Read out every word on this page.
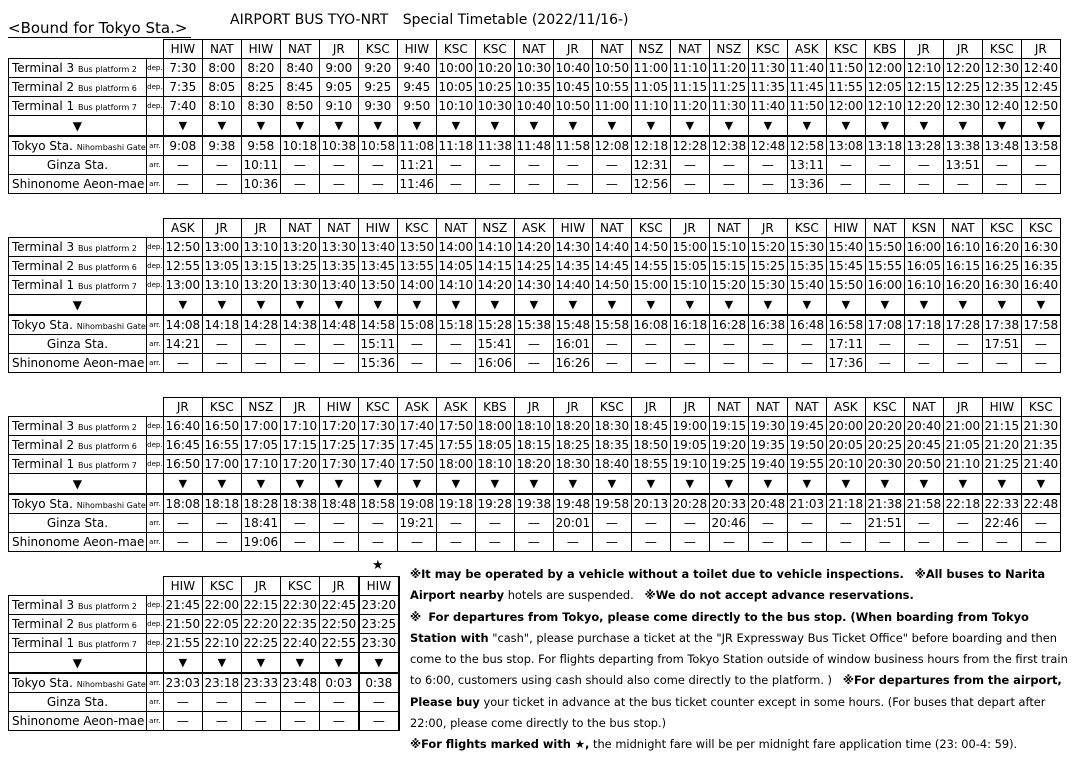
<Bound for Tokyo Sta.>	AIRPORT BUS TYO-NRT Special Timetable (2022/11/16-)
		HIW	NAT	HIW	NAT	JR	KSC	HIW	KSC	KSC	NAT	JR	NAT	NSZ	NAT	NSZ	KSC	ASK	KSC	KBS	JR	JR	KSC	JR
Terminal 3 Bus platform 2	dep.	7:30	8:00	8:20	8:40	9:00	9:20	9:40	10:00	10:20	10:30	10:40	10:50	11:00	11:10	11:20	11:30	11:40	11:50	12:00	12:10	12:20	12:30	12:40
Terminal 2 Bus platform 6	dep.	7:35	8:05	8:25	8:45	9:05	9:25	9:45	10:05	10:25	10:35	10:45	10:55	11:05	11:15	11:25	11:35	11:45	11:55	12:05	12:15	12:25	12:35	12:45
Terminal 1 Bus platform 7	dep.	7:40	8:10	8:30	8:50	9:10	9:30	9:50	10:10	10:30	10:40	10:50	11:00	11:10	11:20	11:30	11:40	11:50	12:00	12:10	12:20	12:30	12:40	12:50
▼		▼	▼	▼	▼	▼	▼	▼	▼	▼	▼	▼	▼	▼	▼	▼	▼	▼	▼	▼	▼	▼	▼	▼
Tokyo Sta. Nihombashi Gate	arr.	9:08	9:38	9:58	10:18	10:38	10:58	11:08	11:18	11:38	11:48	11:58	12:08	12:18	12:28	12:38	12:48	12:58	13:08	13:18	13:28	13:38	13:48	13:58
Ginza Sta.	arr.	—	—	10:11	—	—	—	11:21	—	—	—	—	—	12:31	—	—	—	13:11	—	—	—	13:51	—	—
Shinonome Aeon-mae	arr.	—	—	10:36	—	—	—	11:46	—	—	—	—	—	12:56	—	—	—	13:36	—	—	—	—	—	—
		ASK	JR	JR	NAT	NAT	HIW	KSC	NAT	NSZ	ASK	HIW	NAT	KSC	JR	NAT	JR	KSC	HIW	NAT	KSN	NAT	KSC	KSC
Terminal 3 Bus platform 2	dep.	12:50	13:00	13:10	13:20	13:30	13:40	13:50	14:00	14:10	14:20	14:30	14:40	14:50	15:00	15:10	15:20	15:30	15:40	15:50	16:00	16:10	16:20	16:30
Terminal 2 Bus platform 6	dep.	12:55	13:05	13:15	13:25	13:35	13:45	13:55	14:05	14:15	14:25	14:35	14:45	14:55	15:05	15:15	15:25	15:35	15:45	15:55	16:05	16:15	16:25	16:35
Terminal 1 Bus platform 7	dep.	13:00	13:10	13:20	13:30	13:40	13:50	14:00	14:10	14:20	14:30	14:40	14:50	15:00	15:10	15:20	15:30	15:40	15:50	16:00	16:10	16:20	16:30	16:40
▼		▼	▼	▼	▼	▼	▼	▼	▼	▼	▼	▼	▼	▼	▼	▼	▼	▼	▼	▼	▼	▼	▼	▼
Tokyo Sta. Nihombashi Gate	arr.	14:08	14:18	14:28	14:38	14:48	14:58	15:08	15:18	15:28	15:38	15:48	15:58	16:08	16:18	16:28	16:38	16:48	16:58	17:08	17:18	17:28	17:38	17:58
Ginza Sta.	arr.	14:21	—	—	—	—	15:11	—	—	15:41	—	16:01	—	—	—	—	—	—	17:11	—	—	—	17:51	—
Shinonome Aeon-mae	arr.	—	—	—	—	—	15:36	—	—	16:06	—	16:26	—	—	—	—	—	—	17:36	—	—	—	—	—
		JR	KSC	NSZ	JR	HIW	KSC	ASK	ASK	KBS	JR	JR	KSC	JR	JR	NAT	NAT	NAT	ASK	KSC	NAT	JR	HIW	KSC
Terminal 3 Bus platform 2	dep.	16:40	16:50	17:00	17:10	17:20	17:30	17:40	17:50	18:00	18:10	18:20	18:30	18:45	19:00	19:15	19:30	19:45	20:00	20:20	20:40	21:00	21:15	21:30
Terminal 2 Bus platform 6	dep.	16:45	16:55	17:05	17:15	17:25	17:35	17:45	17:55	18:05	18:15	18:25	18:35	18:50	19:05	19:20	19:35	19:50	20:05	20:25	20:45	21:05	21:20	21:35
Terminal 1 Bus platform 7	dep.	16:50	17:00	17:10	17:20	17:30	17:40	17:50	18:00	18:10	18:20	18:30	18:40	18:55	19:10	19:25	19:40	19:55	20:10	20:30	20:50	21:10	21:25	21:40
▼		▼	▼	▼	▼	▼	▼	▼	▼	▼	▼	▼	▼	▼	▼	▼	▼	▼	▼	▼	▼	▼	▼	▼
Tokyo Sta. Nihombashi Gate	arr.	18:08	18:18	18:28	18:38	18:48	18:58	19:08	19:18	19:28	19:38	19:48	19:58	20:13	20:28	20:33	20:48	21:03	21:18	21:38	21:58	22:18	22:33	22:48
Ginza Sta.	arr.	—	—	18:41	—	—	—	19:21	—	—	—	20:01	—	—	—	20:46	—	—	—	21:51	—	—	22:46	—
Shinonome Aeon-mae	arr.	—	—	19:06	—	—	—	—	—	—	—	—	—	—	—	—	—	—	—	—	—	—	—	—
		HIW	KSC	JR	KSC	JR	HIW
Terminal 3 Bus platform 2	dep.	21:45	22:00	22:15	22:30	22:45	23:20
Terminal 2 Bus platform 6	dep.	21:50	22:05	22:20	22:35	22:50	23:25
Terminal 1 Bus platform 7	dep.	21:55	22:10	22:25	22:40	22:55	23:30
▼		▼	▼	▼	▼	▼	▼
Tokyo Sta. Nihombashi Gate	arr.	23:03	23:18	23:33	23:48	0:03	0:38
Ginza Sta.	arr.	—	—	—	—	—	—
Shinonome Aeon-mae	arr.	—	—	—	—	—	—
★
※It may be operated by a vehicle without a toilet due to vehicle inspections. ※All buses to Narita Airport nearby hotels are suspended. ※We do not accept advance reservations.
※ For departures from Tokyo, please come directly to the bus stop. (When boarding from Tokyo Station with "cash", please purchase a ticket at the "JR Expressway Bus Ticket Office" before boarding and then come to the bus stop. For flights departing from Tokyo Station outside of window business hours from the first train to 6:00, customers using cash should also come directly to the platform. ) ※For departures from the airport, Please buy your ticket in advance at the bus ticket counter except in some hours. (For buses that depart after 22:00, please come directly to the bus stop.)
※For flights marked with ★, the midnight fare will be per midnight fare application time (23: 00-4: 59).
